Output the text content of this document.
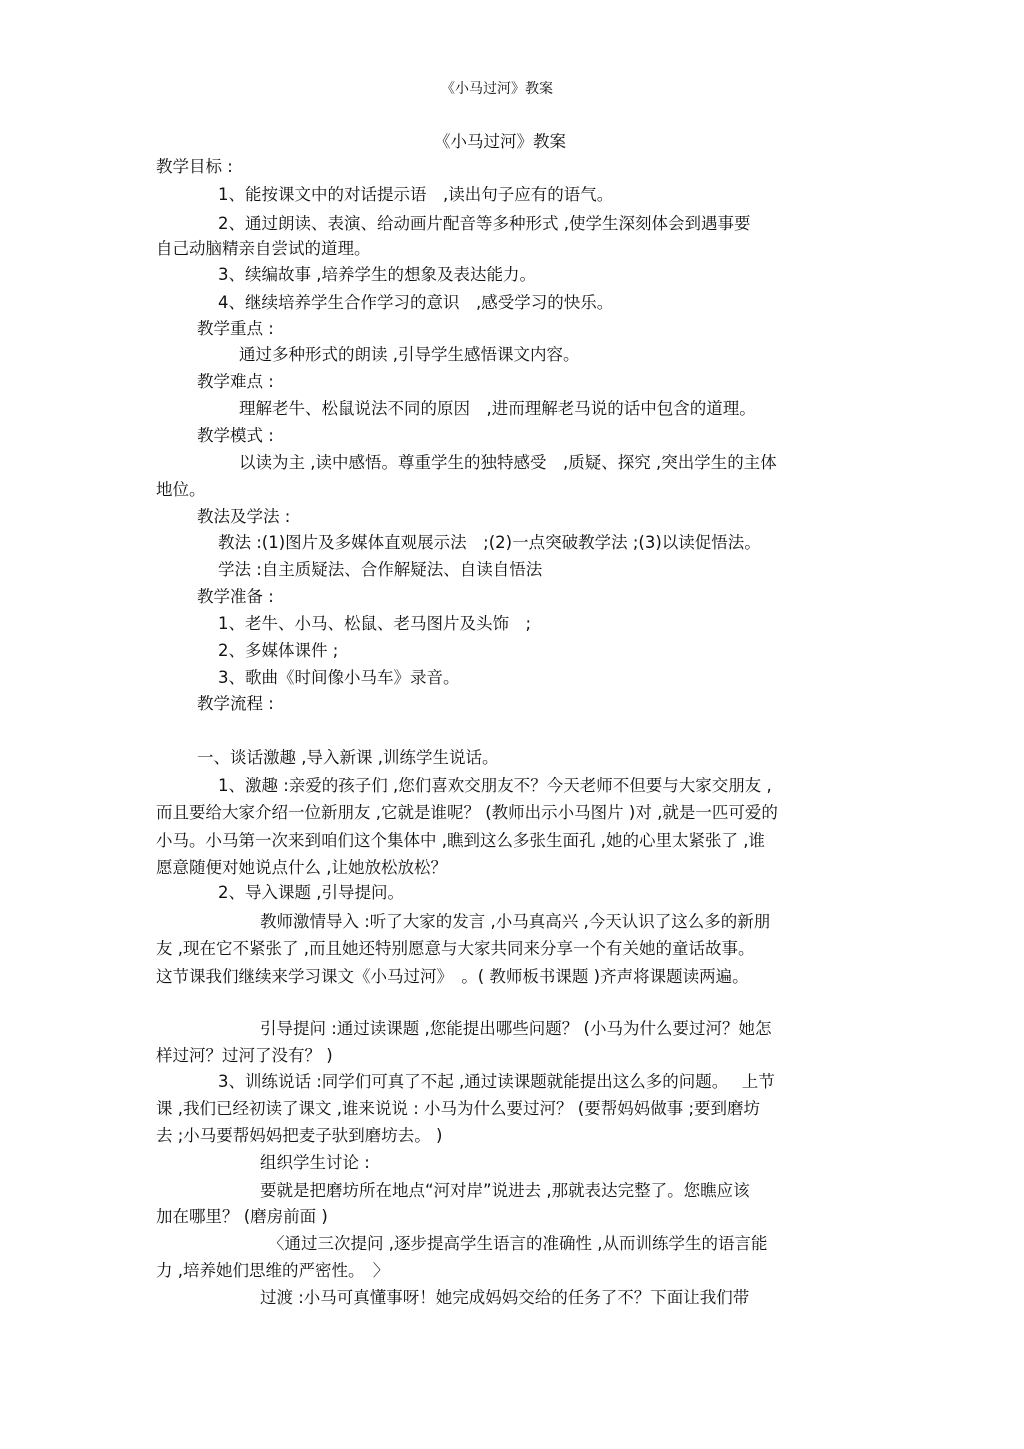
《小马过河》教案
《小马过河》教案
教学目标 :
1、能按课文中的对话提示语　,读出句子应有的语气。
2、通过朗读、表演、给动画片配音等多种形式 ,使学生深刻体会到遇事要
自己动脑精亲自尝试的道理。
3、续编故事 ,培养学生的想象及表达能力。
4、继续培养学生合作学习的意识　,感受学习的快乐。
教学重点 :
通过多种形式的朗读 ,引导学生感悟课文内容。
教学难点 :
理解老牛、松鼠说法不同的原因　,进而理解老马说的话中包含的道理。
教学模式 :
以读为主 ,读中感悟。尊重学生的独特感受　,质疑、探究 ,突出学生的主体
地位。
教法及学法 :
教法 :(1)图片及多媒体直观展示法　;(2)一点突破教学法 ;(3)以读促悟法。
学法 :自主质疑法、合作解疑法、自读自悟法
教学准备 :
1、老牛、小马、松鼠、老马图片及头饰　;
2、多媒体课件 ;
3、歌曲《时间像小马车》录音。
教学流程 :
一、谈话激趣 ,导入新课 ,训练学生说话。
1、激趣 :亲爱的孩子们 ,您们喜欢交朋友不？今天老师不但要与大家交朋友 ,
而且要给大家介绍一位新朋友 ,它就是谁呢？ (教师出示小马图片 )对 ,就是一匹可爱的
小马。小马第一次来到咱们这个集体中 ,瞧到这么多张生面孔 ,她的心里太紧张了 ,谁
愿意随便对她说点什么 ,让她放松放松？
2、导入课题 ,引导提问。
教师激情导入 :听了大家的发言 ,小马真高兴 ,今天认识了这么多的新朋
友 ,现在它不紧张了 ,而且她还特别愿意与大家共同来分享一个有关她的童话故事。
这节课我们继续来学习课文《小马过河》　。( 教师板书课题 )齐声将课题读两遍。
引导提问 :通过读课题 ,您能提出哪些问题？ (小马为什么要过河？她怎
样过河？过河了没有？ )
3、训练说话 :同学们可真了不起 ,通过读课题就能提出这么多的问题。　 上节
课 ,我们已经初读了课文 ,谁来说说 : 小马为什么要过河？ (要帮妈妈做事 ;要到磨坊
去 ;小马要帮妈妈把麦子驮到磨坊去。 )
组织学生讨论 :
要就是把磨坊所在地点“河对岸”说进去 ,那就表达完整了。您瞧应该
加在哪里？ (磨房前面 )
〈通过三次提问 ,逐步提高学生语言的准确性 ,从而训练学生的语言能
力 ,培养她们思维的严密性。　〉
过渡 :小马可真懂事呀！她完成妈妈交给的任务了不？下面让我们带
